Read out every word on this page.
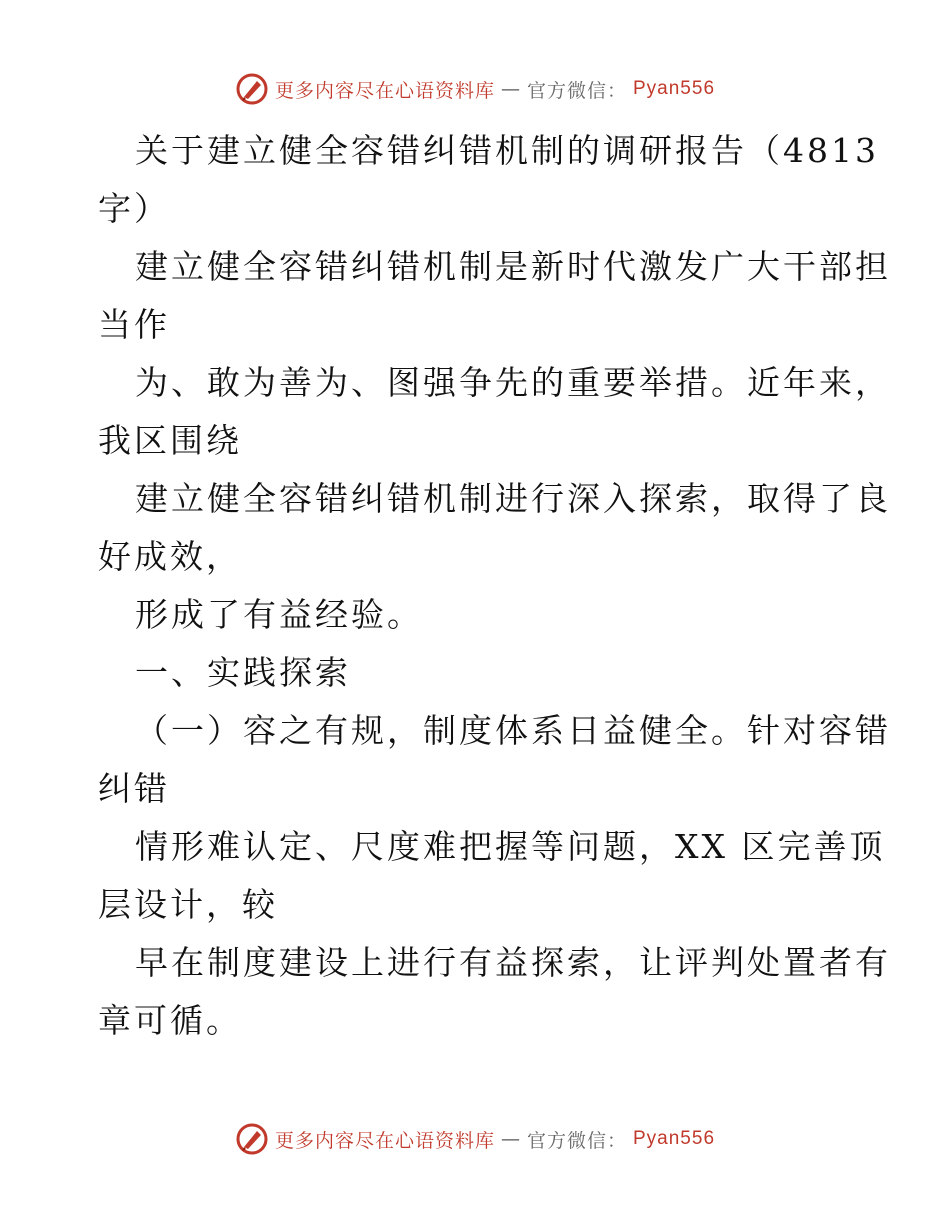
更多内容尽在心语资料库 — 官方微信： Pyan556
关于建立健全容错纠错机制的调研报告（4813
字）
建立健全容错纠错机制是新时代激发广大干部担
当作
为、敢为善为、图强争先的重要举措。近年来，
我区围绕
建立健全容错纠错机制进行深入探索，取得了良
好成效，
形成了有益经验。
一、实践探索
（一）容之有规，制度体系日益健全。针对容错
纠错
情形难认定、尺度难把握等问题，XX 区完善顶
层设计，较
早在制度建设上进行有益探索，让评判处置者有
章可循。
更多内容尽在心语资料库 — 官方微信： Pyan556
